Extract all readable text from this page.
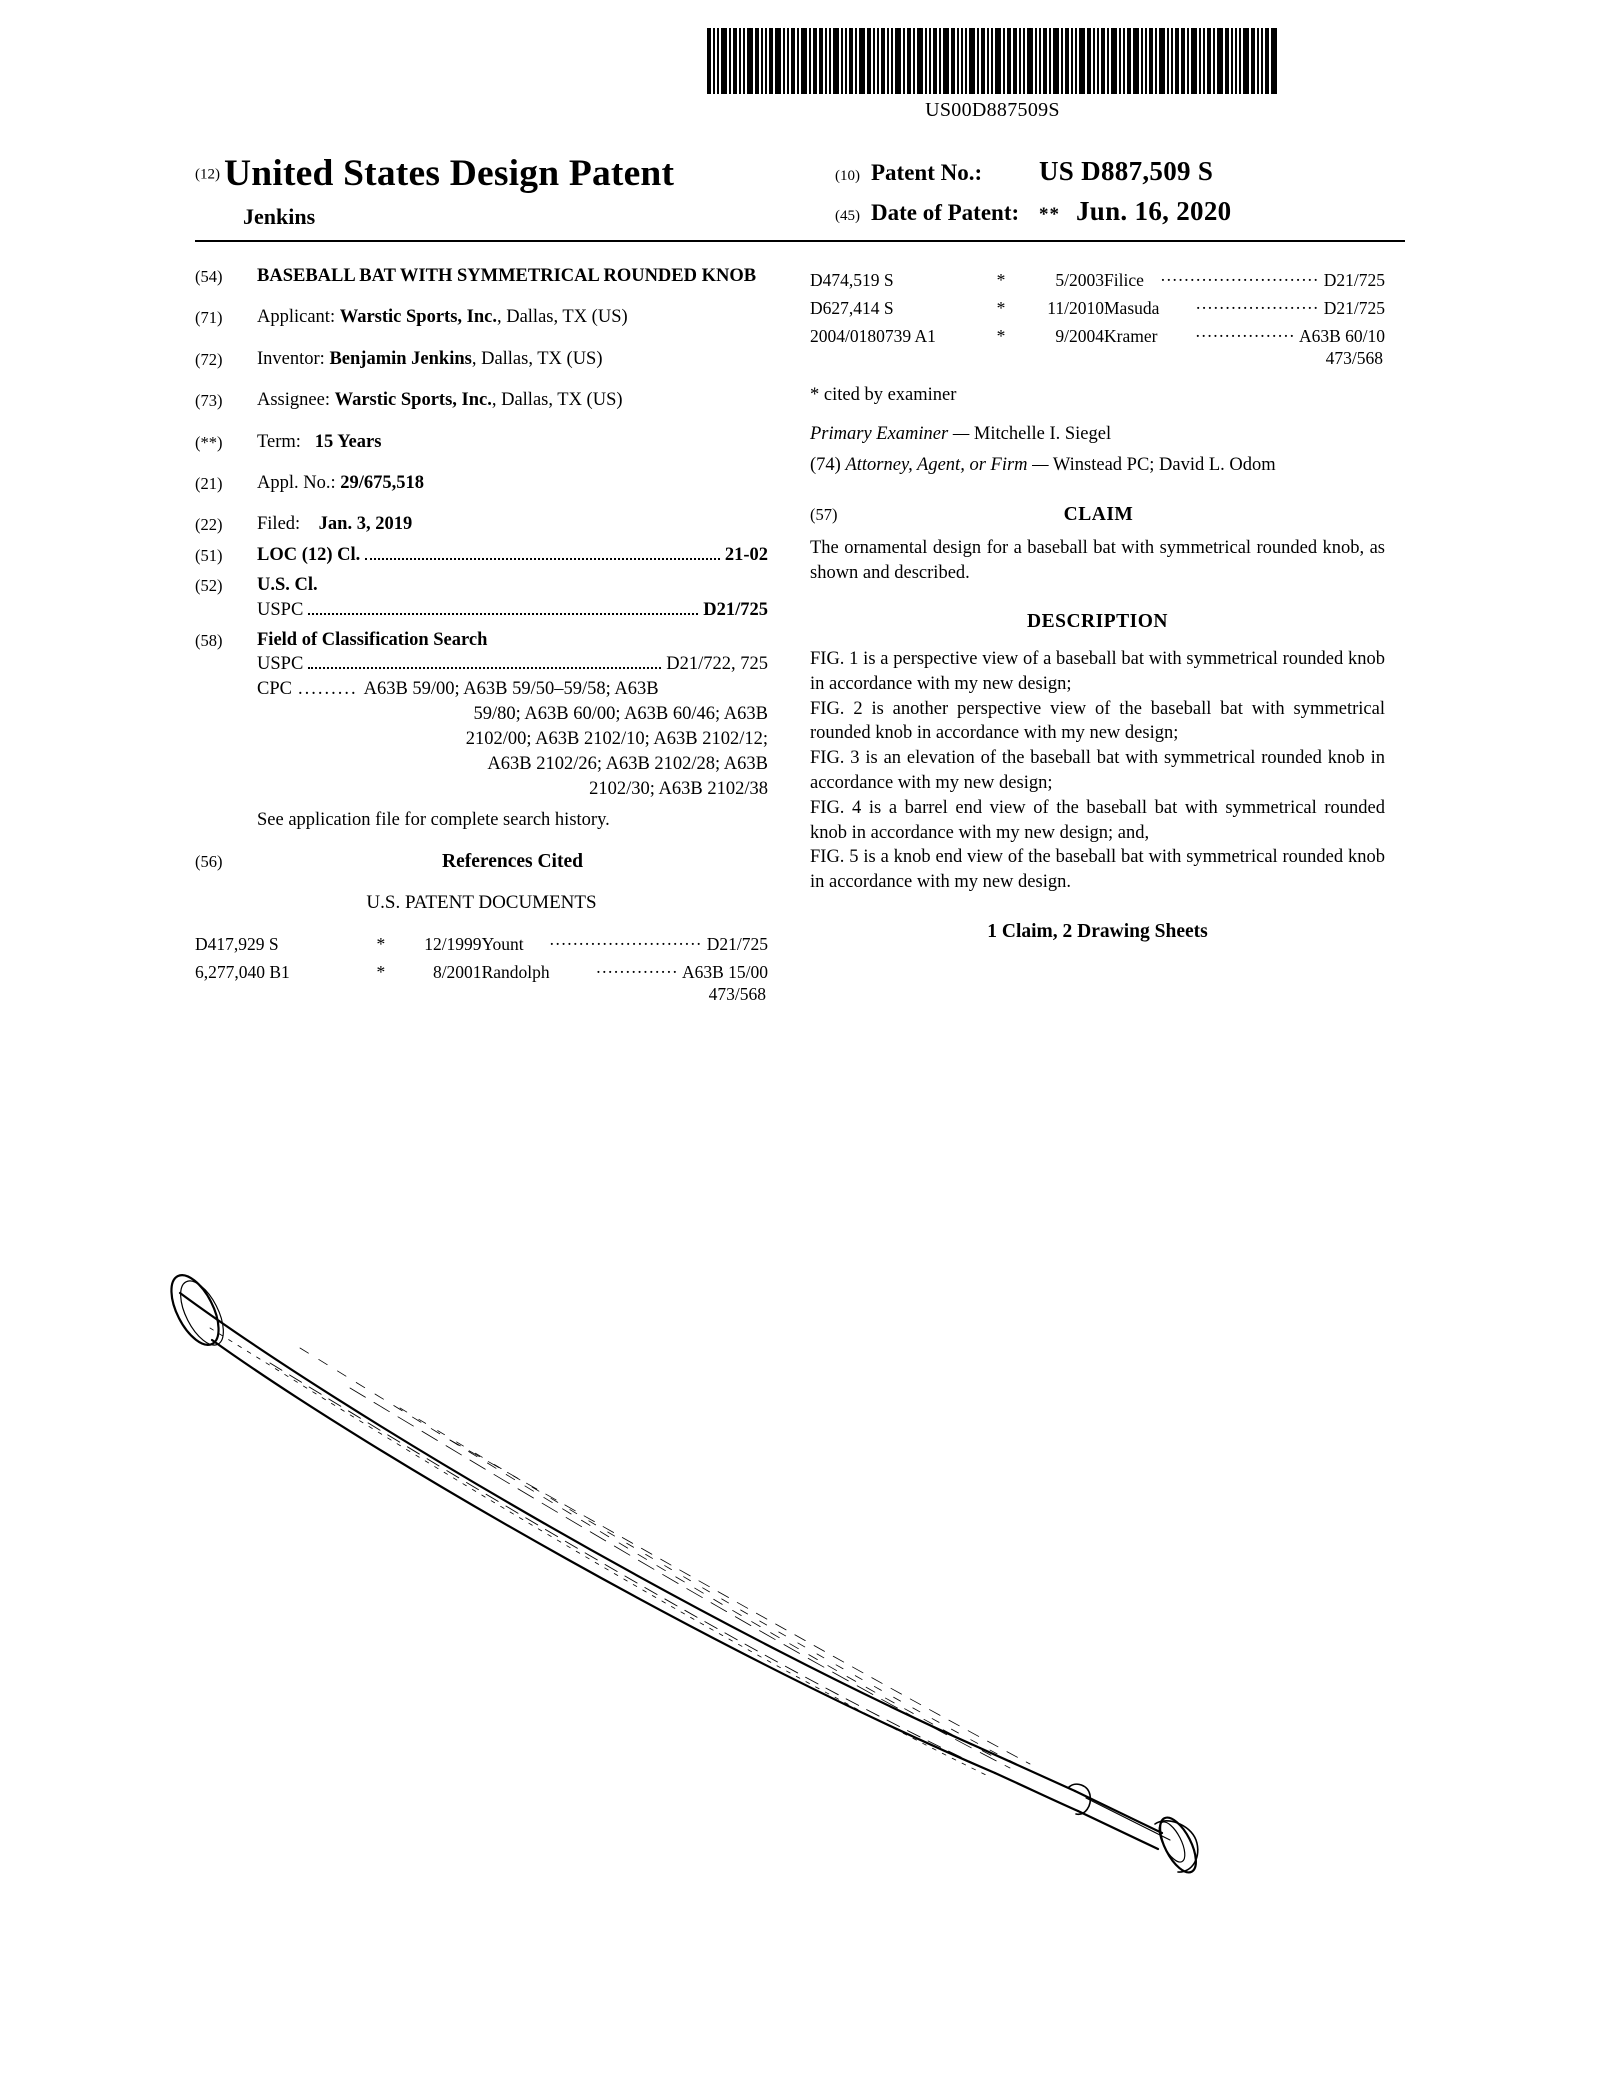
US00D887509S
(12) United States Design Patent
Jenkins
(10) Patent No.:	US D887,509 S
(45) Date of Patent:	** Jun. 16, 2020
(54)	BASEBALL BAT WITH SYMMETRICAL ROUNDED KNOB
(71)	Applicant: Warstic Sports, Inc., Dallas, TX (US)
(72)	Inventor: Benjamin Jenkins, Dallas, TX (US)
(73)	Assignee: Warstic Sports, Inc., Dallas, TX (US)
(**)	Term: 15 Years
(21)	Appl. No.: 29/675,518
(22)	Filed: Jan. 3, 2019
(51)	LOC (12) Cl.	21-02
(52)	U.S. Cl.
USPC	D21/725
(58)	Field of Classification Search
USPC	D21/722, 725
CPC ......... A63B 59/00; A63B 59/50–59/58; A63B
59/80; A63B 60/00; A63B 60/46; A63B
2102/00; A63B 2102/10; A63B 2102/12;
A63B 2102/26; A63B 2102/28; A63B
2102/30; A63B 2102/38
See application file for complete search history.
(56)	References Cited
U.S. PATENT DOCUMENTS
D417,929 S	*	12/1999	Yount	.......................... D21/725
6,277,040 B1	*	8/2001	Randolph	.............. A63B 15/00
473/568
D474,519 S	*	5/2003	Filice	........................... D21/725
D627,414 S	*	11/2010	Masuda	..................... D21/725
2004/0180739 A1	*	9/2004	Kramer	................. A63B 60/10
473/568
* cited by examiner
Primary Examiner — Mitchelle I. Siegel
(74) Attorney, Agent, or Firm — Winstead PC; David L. Odom
(57)	CLAIM
The ornamental design for a baseball bat with symmetrical rounded knob, as shown and described.
DESCRIPTION
FIG. 1 is a perspective view of a baseball bat with symmetrical rounded knob in accordance with my new design;
FIG. 2 is another perspective view of the baseball bat with symmetrical rounded knob in accordance with my new design;
FIG. 3 is an elevation of the baseball bat with symmetrical rounded knob in accordance with my new design;
FIG. 4 is a barrel end view of the baseball bat with symmetrical rounded knob in accordance with my new design; and,
FIG. 5 is a knob end view of the baseball bat with symmetrical rounded knob in accordance with my new design.
1 Claim, 2 Drawing Sheets
